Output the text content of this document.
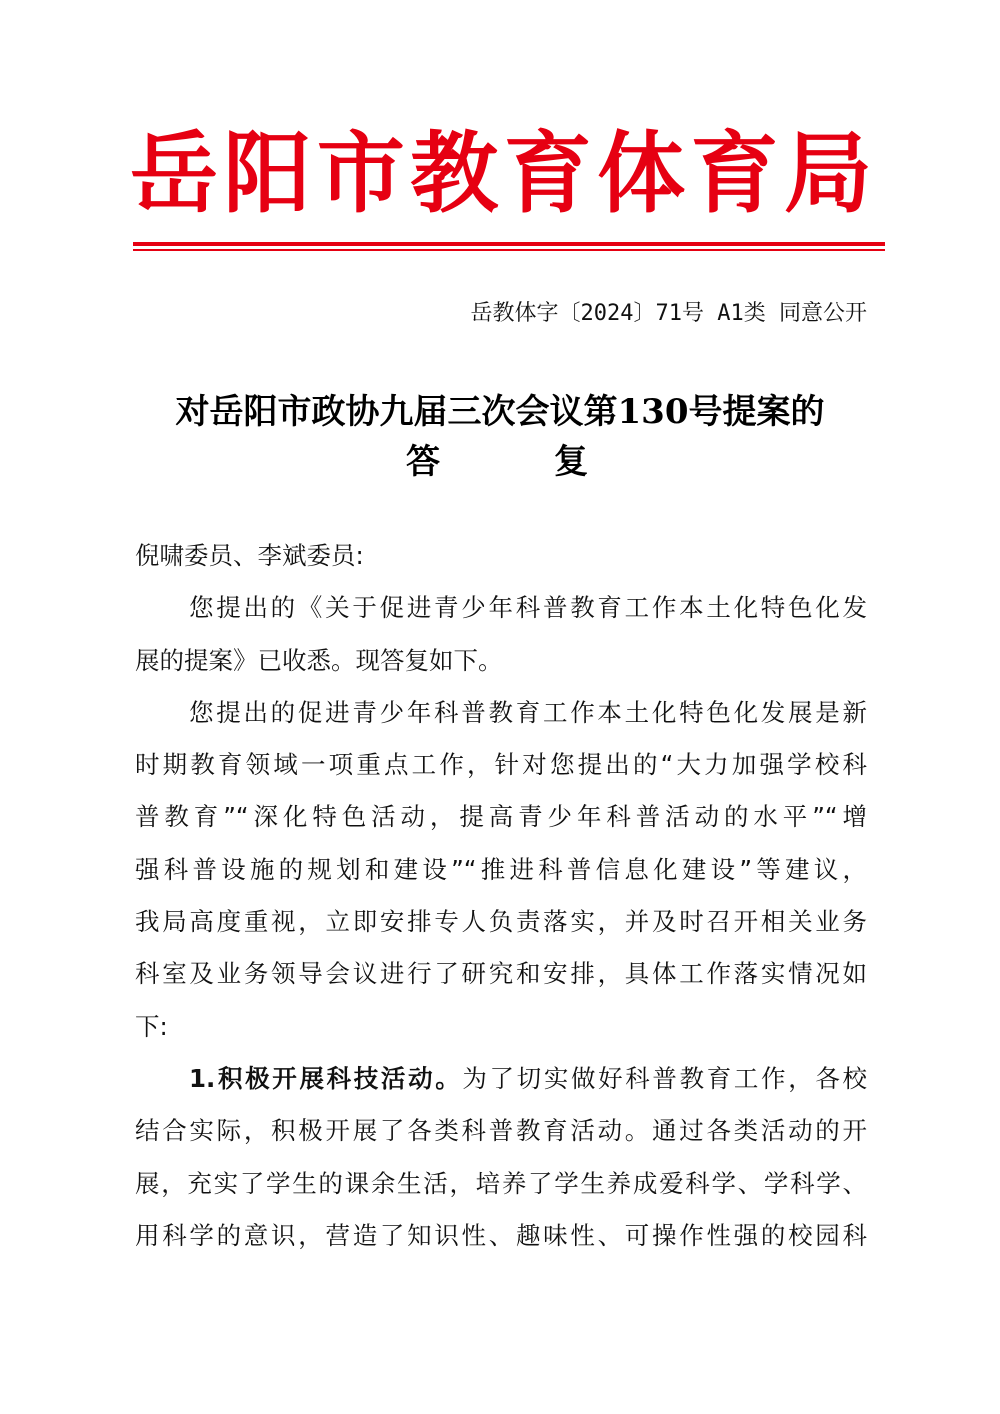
岳 阳 市 教 育 体 育 局
岳教体字〔2024〕71号 A1类 同意公开
对岳阳市政协九届三次会议第130号提案的
答	复

倪啸委员、李斌委员:

您提出的《关于促进青少年科普教育工作本土化特色化发
展的提案》已收悉。现答复如下。

您提出的促进青少年科普教育工作本土化特色化发展是新
时期教育领域一项重点工作，针对您提出的“大力加强学校科
普教育”“深化特色活动，提高青少年科普活动的水平”“增
强科普设施的规划和建设”“推进科普信息化建设”等建议，
我局高度重视，立即安排专人负责落实，并及时召开相关业务
科室及业务领导会议进行了研究和安排，具体工作落实情况如
下:

1.积极开展科技活动。为了切实做好科普教育工作，各校
结合实际，积极开展了各类科普教育活动。通过各类活动的开
展，充实了学生的课余生活，培养了学生养成爱科学、学科学、
用科学的意识，营造了知识性、趣味性、可操作性强的校园科
